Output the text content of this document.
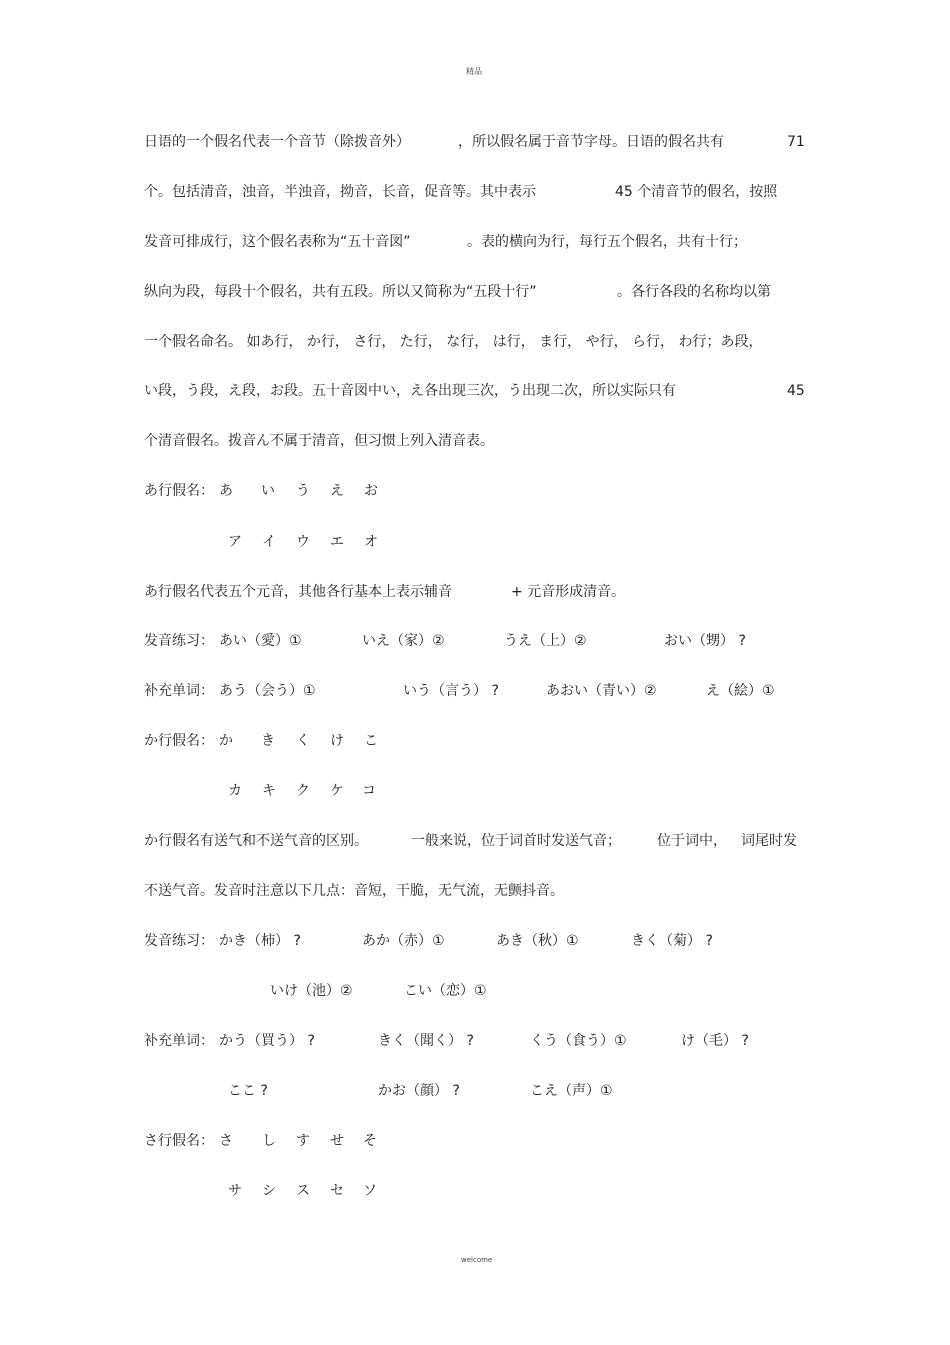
精品
日语的一个假名代表一个音节（除拨音外）	，所以假名属于音节字母。日语的假名共有	71
个。包括清音，浊音，半浊音，拗音，长音，促音等。其中表示	45 个清音节的假名，按照
发音可排成行，这个假名表称为“五十音図”	。表的横向为行，每行五个假名，共有十行；
纵向为段，每段十个假名，共有五段。所以又简称为“五段十行”	。各行各段的名称均以第
一个假名命名。 如あ行， か行， さ行， た行， な行， は行， ま行， や行， ら行， わ行；あ段，
い段，う段，え段，お段。五十音図中い，え各出现三次，う出现二次，所以实际只有	45
个清音假名。拨音ん不属于清音，但习惯上列入清音表。
あ行假名： あ い う え お
ア イ ウ エ オ
あ行假名代表五个元音，其他各行基本上表示辅音	+ 元音形成清音。
发音练习： あい（愛）①	いえ（家）②	うえ（上）②	おい（甥） ?
补充单词： あう（会う）①	いう（言う） ?	あおい（青い）②	え（絵）①
か行假名： か き く け こ
カ キ ク ケ コ
か行假名有送气和不送气音的区别。	一般来说，位于词首时发送气音；	位于词中， 词尾时发
不送气音。发音时注意以下几点：音短，干脆，无气流，无颤抖音。
发音练习： かき（柿） ?	あか（赤）①	あき（秋）①	きく（菊） ?
いけ（池）②	こい（恋）①
补充单词： かう（買う） ?	きく（聞く） ?	くう（食う）①	け（毛） ?
ここ ?	かお（顔） ?	こえ（声）①
さ行假名： さ し す せ そ
サ シ ス セ ソ
welcome
